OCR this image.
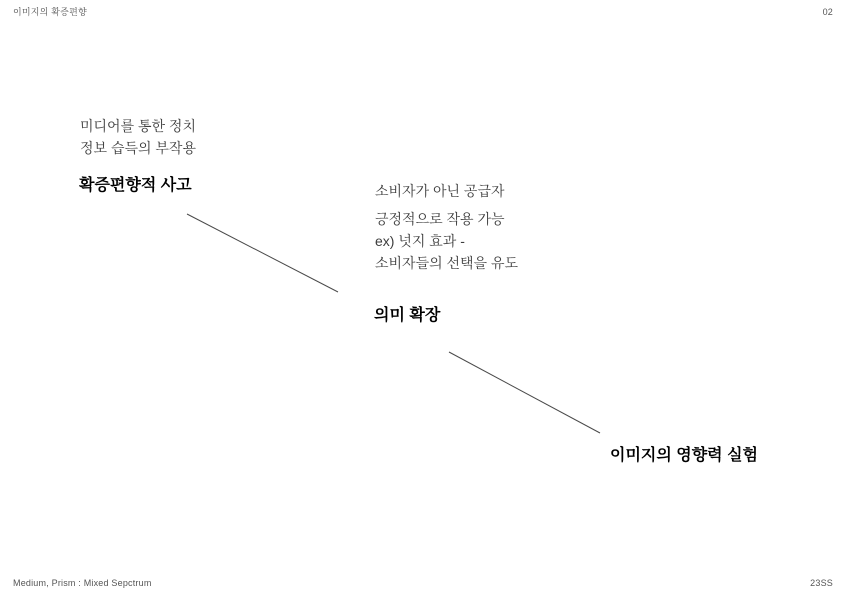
이미지의 확증편향	02
미디어를 통한 정치
정보 습득의 부작용
확증편향적 사고	소비자가 아닌 공급자
긍정적으로 작용 가능
ex) 넛지 효과 -
소비자들의 선택을 유도
의미 확장
이미지의 영향력 실험
Medium, Prism : Mixed Sepctrum	23SS
